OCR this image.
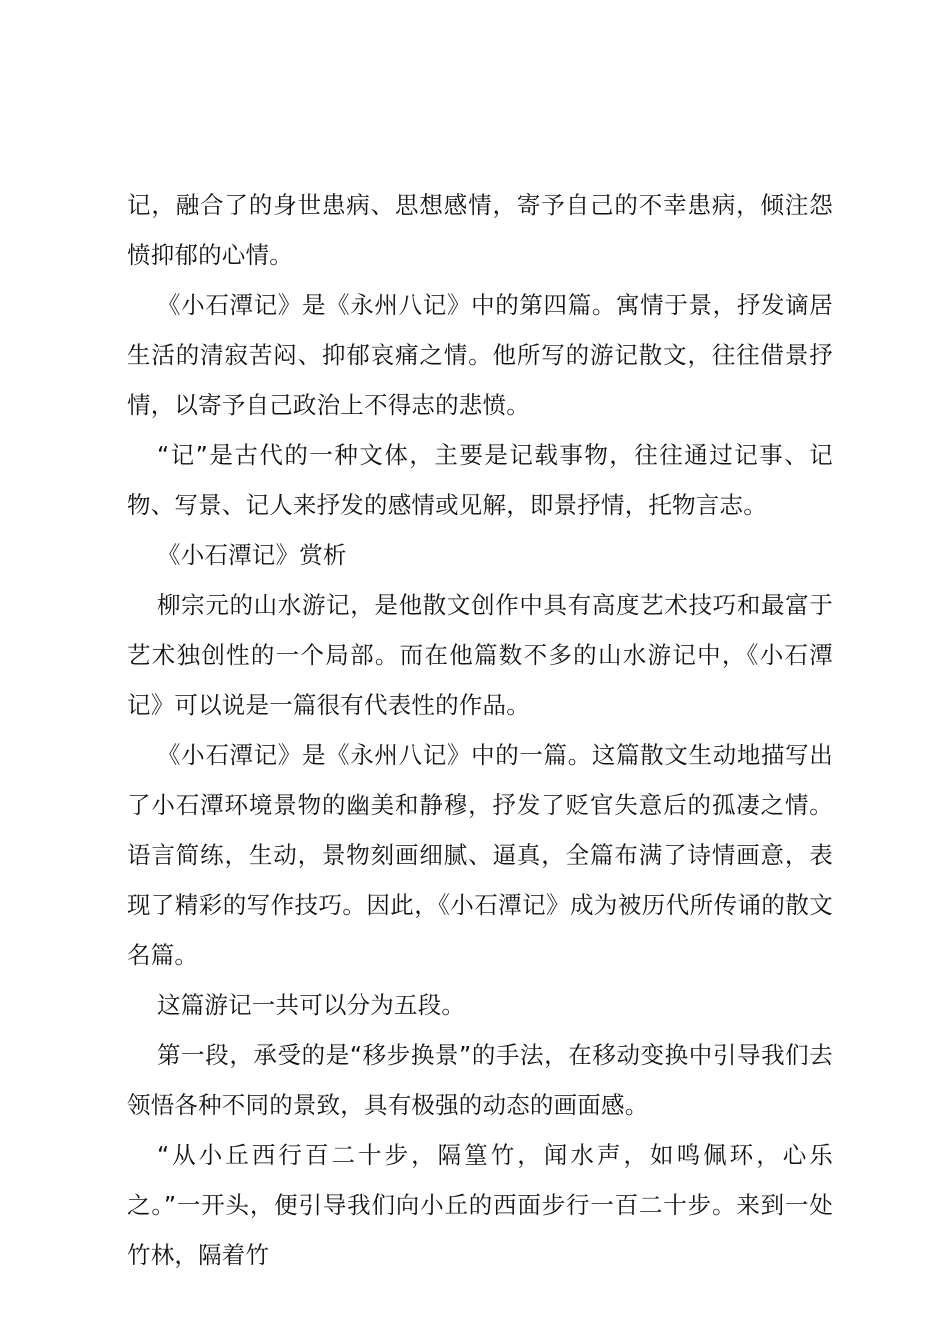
记，融合了的身世患病、思想感情，寄予自己的不幸患病，倾注怨愤抑郁的心情。

《小石潭记》是《永州八记》中的第四篇。寓情于景，抒发谪居生活的清寂苦闷、抑郁哀痛之情。他所写的游记散文，往往借景抒情，以寄予自己政治上不得志的悲愤。

“记”是古代的一种文体，主要是记载事物，往往通过记事、记物、写景、记人来抒发的感情或见解，即景抒情，托物言志。

《小石潭记》赏析

柳宗元的山水游记，是他散文创作中具有高度艺术技巧和最富于艺术独创性的一个局部。而在他篇数不多的山水游记中，《小石潭记》可以说是一篇很有代表性的作品。

《小石潭记》是《永州八记》中的一篇。这篇散文生动地描写出了小石潭环境景物的幽美和静穆，抒发了贬官失意后的孤凄之情。语言简练，生动，景物刻画细腻、逼真，全篇布满了诗情画意，表现了精彩的写作技巧。因此，《小石潭记》成为被历代所传诵的散文名篇。

这篇游记一共可以分为五段。

第一段，承受的是“移步换景”的手法，在移动变换中引导我们去领悟各种不同的景致，具有极强的动态的画面感。

“从小丘西行百二十步，隔篁竹，闻水声，如鸣佩环，心乐之。”一开头，便引导我们向小丘的西面步行一百二十步。来到一处竹林，隔着竹
